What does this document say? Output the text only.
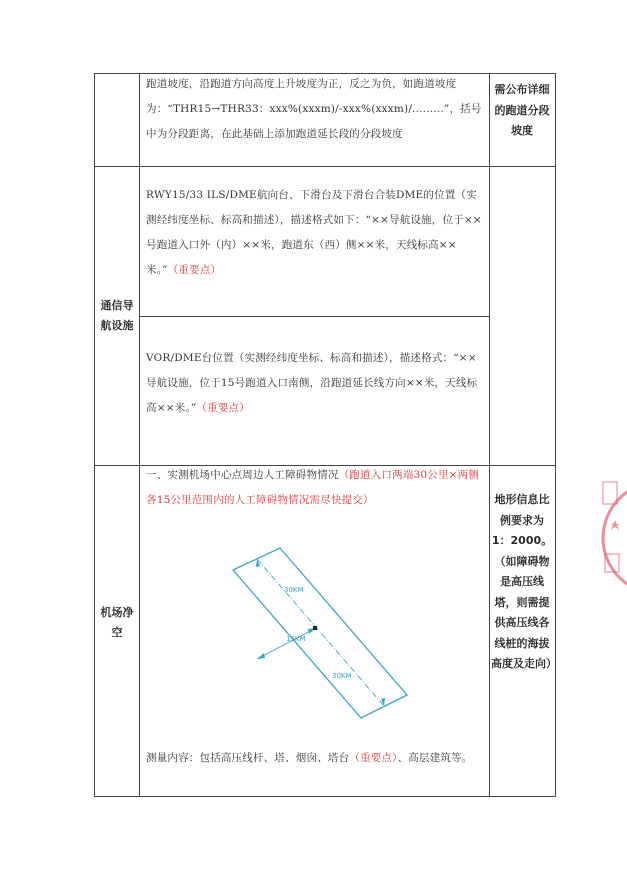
跑道坡度，沿跑道方向高度上升坡度为正，反之为负，如跑道坡度为：“THR15→THR33：xxx%(xxxm)/-xxx%(xxxm)/.........”，括号中为分段距离，在此基础上添加跑道延长段的分段坡度

需公布详细的跑道分段坡度
通信导航设施

RWY15/33 ILS/DME航向台、下滑台及下滑台合装DME的位置（实测经纬度坐标、标高和描述），描述格式如下：“××导航设施，位于××号跑道入口外（内）××米，跑道东（西）侧××米，天线标高××米。”（重要点）

VOR/DME台位置（实测经纬度坐标、标高和描述），描述格式：“××导航设施，位于15号跑道入口南侧，沿跑道延长线方向××米，天线标高××米。”（重要点）

机场净空

一、实测机场中心点周边人工障碍物情况（跑道入口两端30公里×两侧各15公里范围内的人工障碍物情况需尽快提交）

30KM
15KM
30KM

测量内容：包括高压线杆、塔、烟囱、塔台（重要点）、高层建筑等。

地形信息比例要求为1：2000。（如障碍物是高压线塔，则需提供高压线各线桩的海拔高度及走向）
